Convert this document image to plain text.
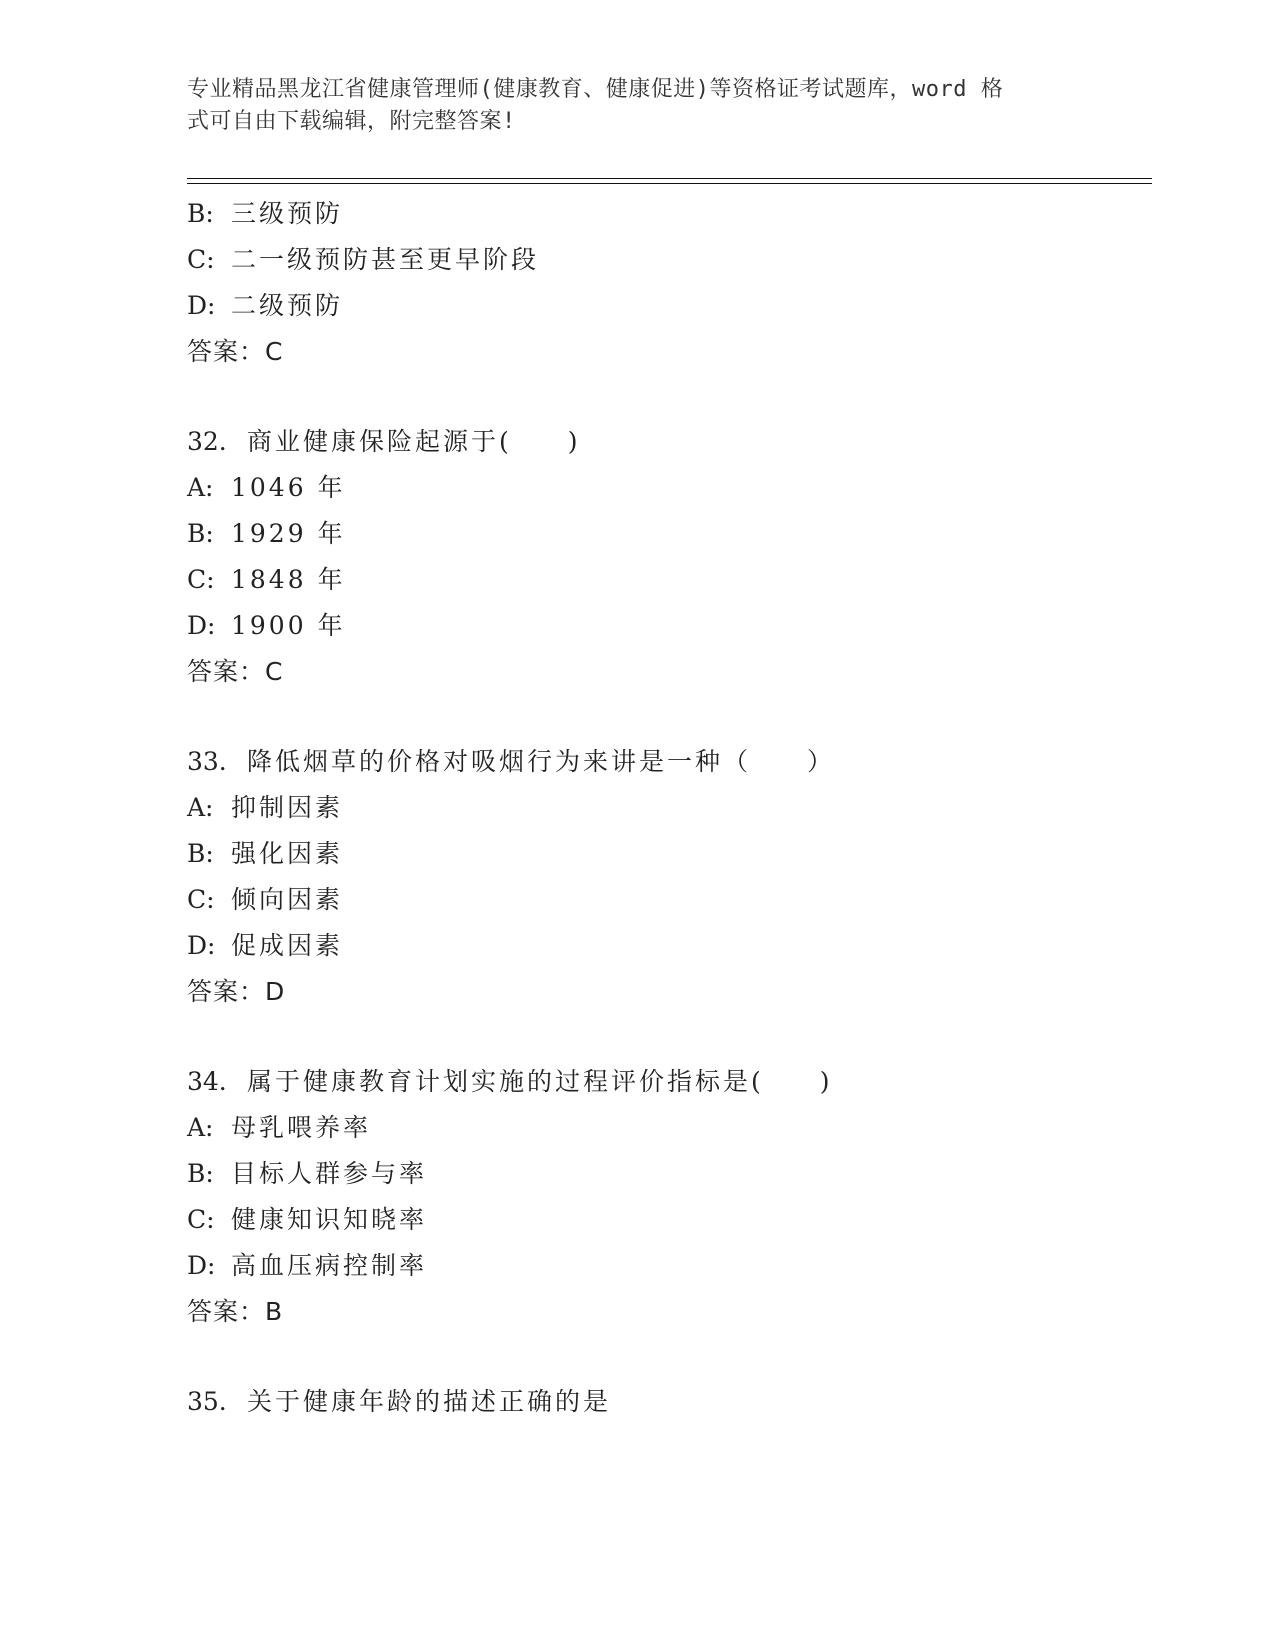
专业精品黑龙江省健康管理师(健康教育、健康促进)等资格证考试题库，word 格
式可自由下载编辑，附完整答案!
B: 三级预防
C: 二一级预防甚至更早阶段
D: 二级预防
答案：C
32. 商业健康保险起源于(　　)
A: 1046 年
B: 1929 年
C: 1848 年
D: 1900 年
答案：C
33. 降低烟草的价格对吸烟行为来讲是一种（　　）
A: 抑制因素
B: 强化因素
C: 倾向因素
D: 促成因素
答案：D
34. 属于健康教育计划实施的过程评价指标是(　　)
A: 母乳喂养率
B: 目标人群参与率
C: 健康知识知晓率
D: 高血压病控制率
答案：B
35. 关于健康年龄的描述正确的是
